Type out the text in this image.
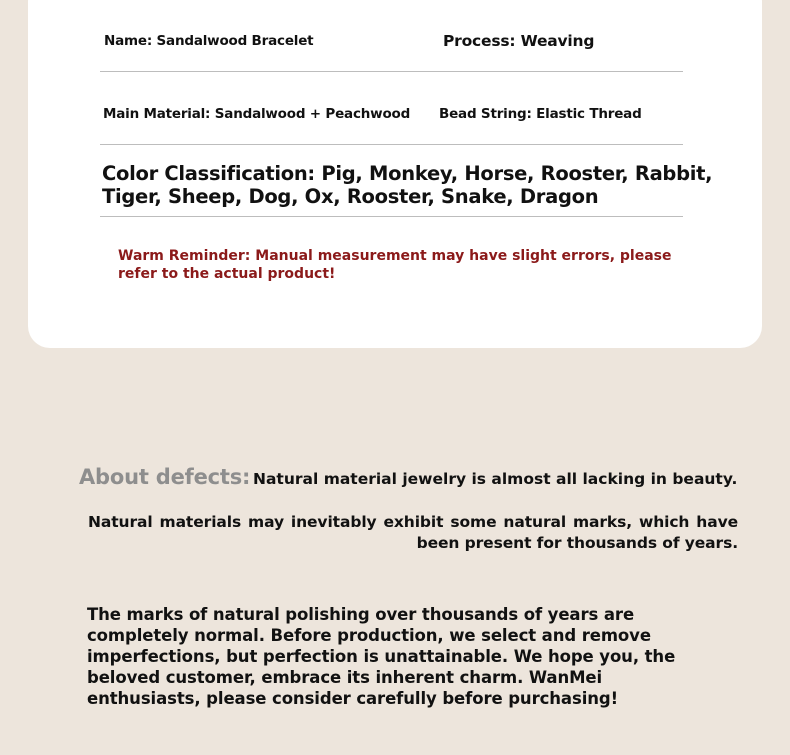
Name: Sandalwood Bracelet	Process: Weaving
Main Material: Sandalwood + Peachwood Bead String: Elastic Thread
Color Classification: Pig, Monkey, Horse, Rooster, Rabbit, Tiger, Sheep, Dog, Ox, Rooster, Snake, Dragon
Warm Reminder: Manual measurement may have slight errors, please refer to the actual product!
About defects: Natural material jewelry is almost all lacking in beauty.
Natural materials may inevitably exhibit some natural marks, which have been present for thousands of years.
The marks of natural polishing over thousands of years are completely normal. Before production, we select and remove imperfections, but perfection is unattainable. We hope you, the beloved customer, embrace its inherent charm. WanMei enthusiasts, please consider carefully before purchasing!
